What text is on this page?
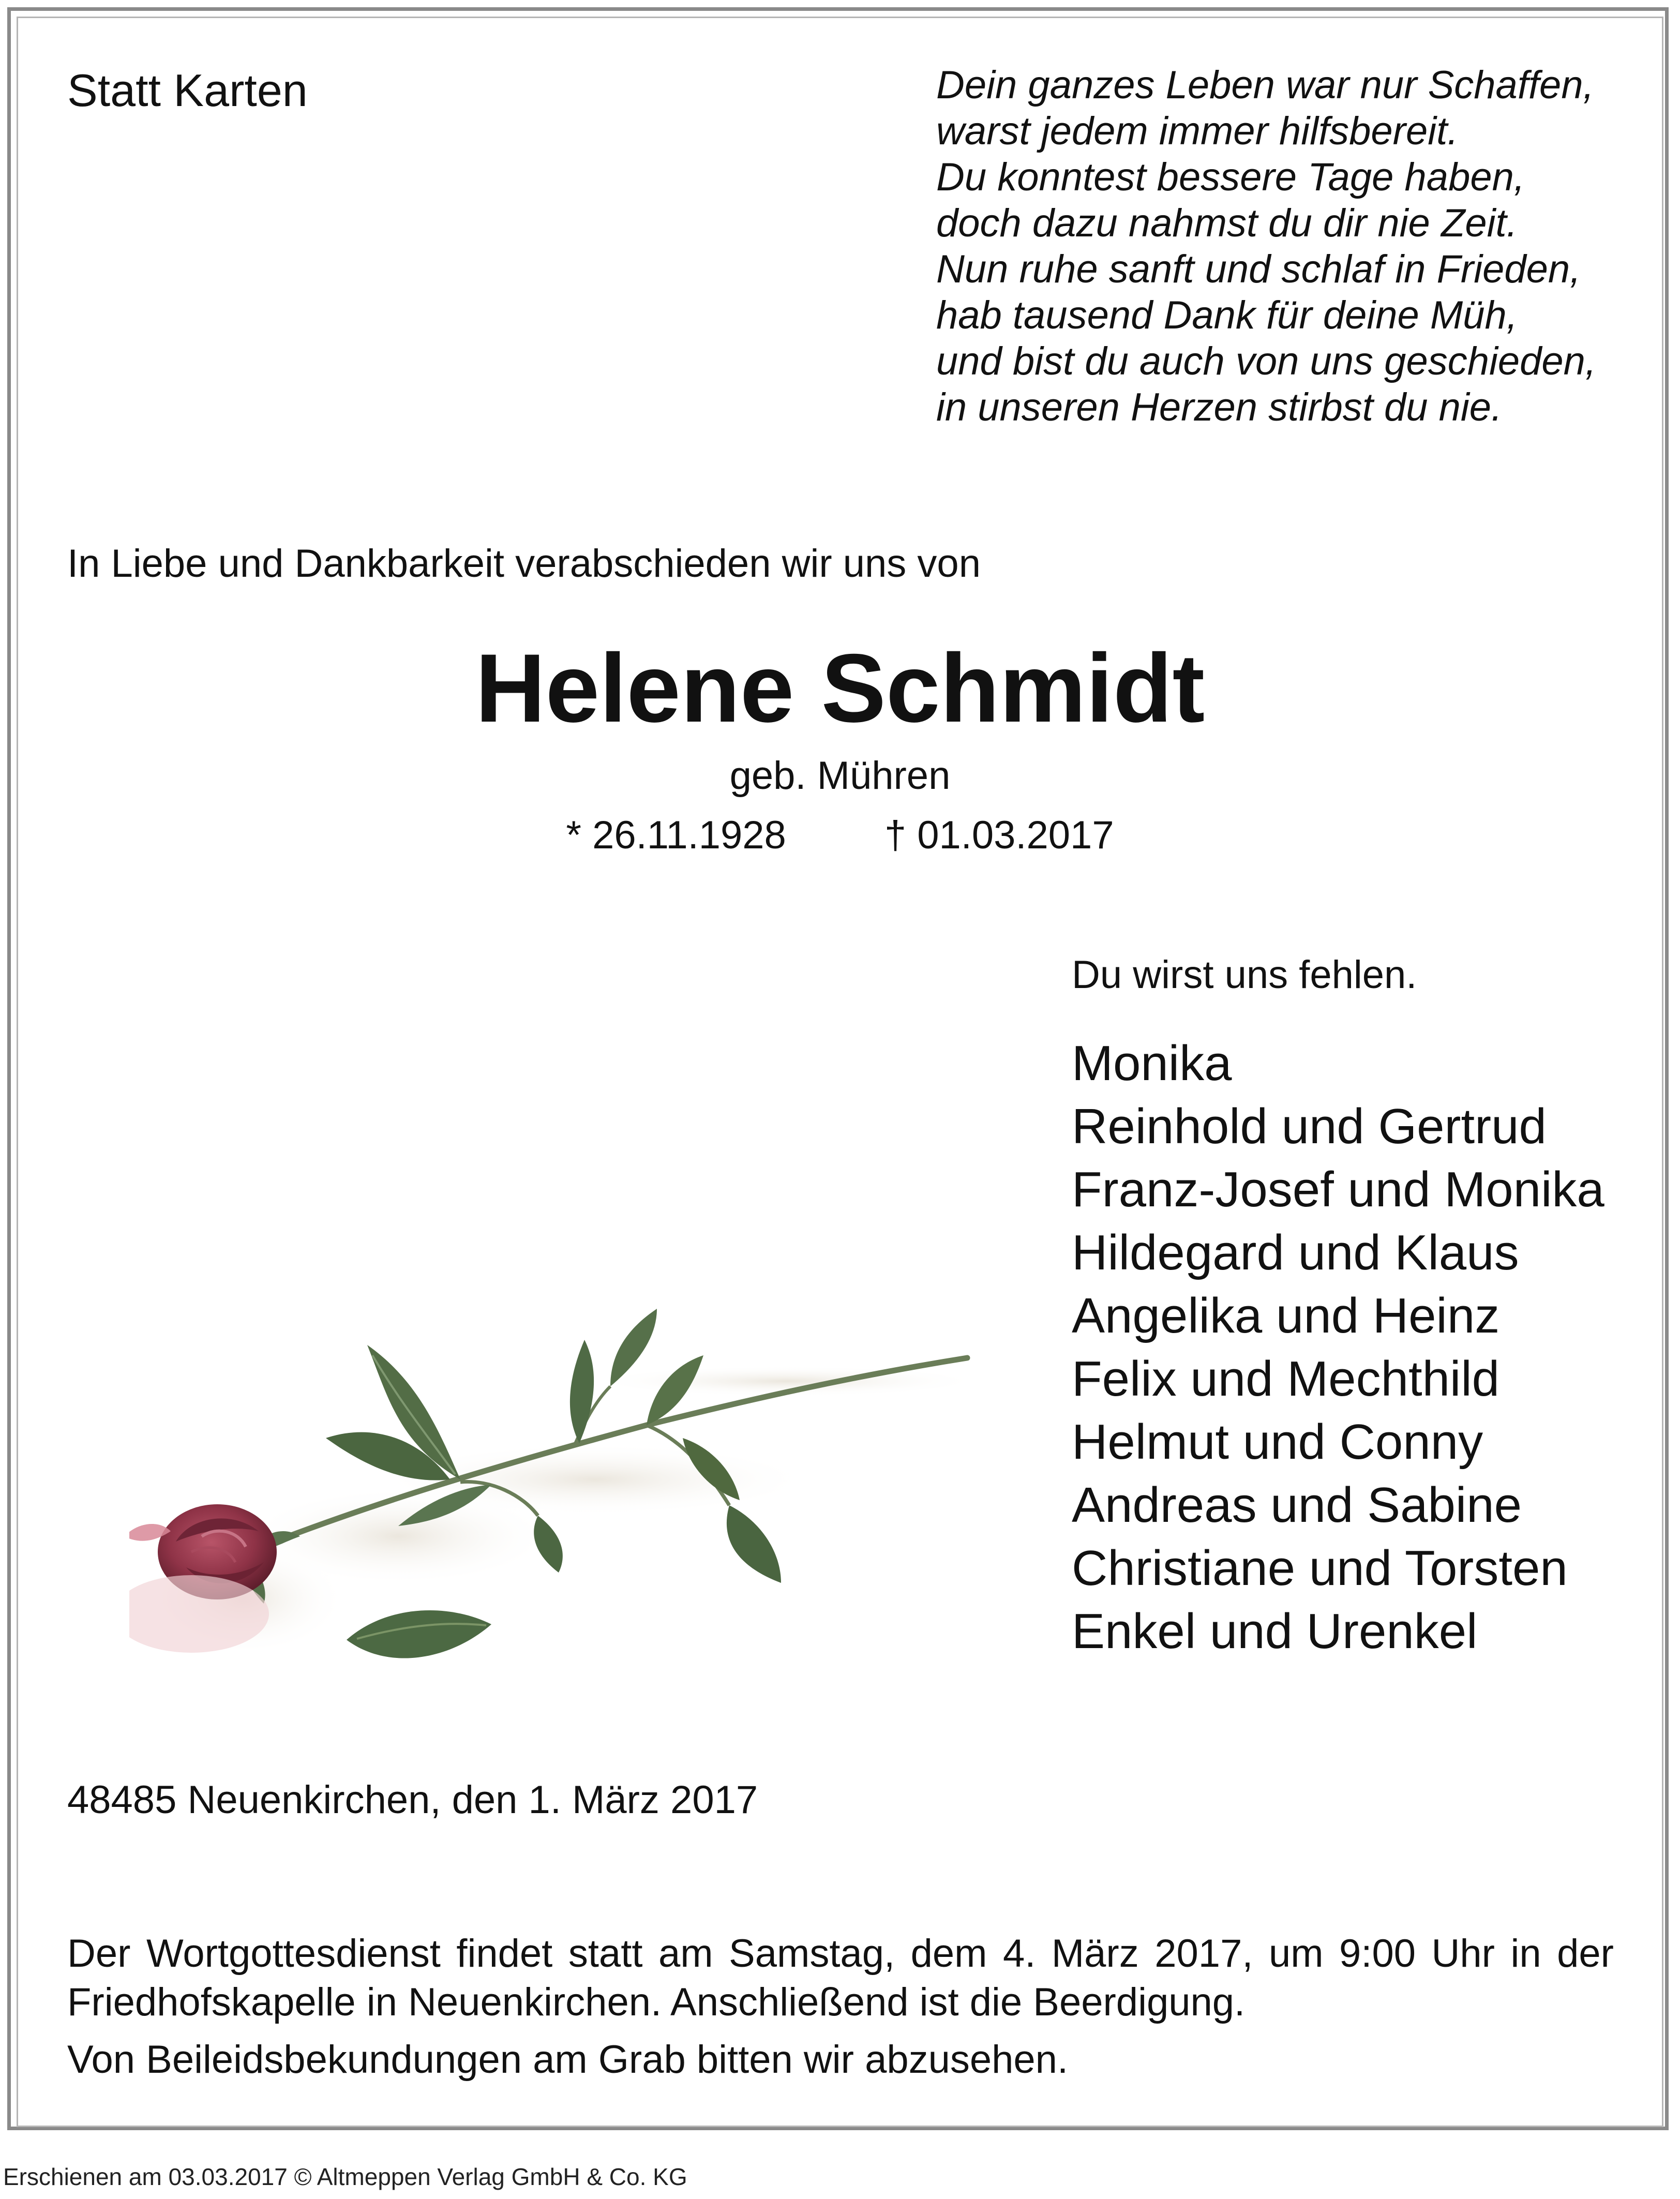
Statt Karten	Dein ganzes Leben war nur Schaffen,
warst jedem immer hilfsbereit.
Du konntest bessere Tage haben,
doch dazu nahmst du dir nie Zeit.
Nun ruhe sanft und schlaf in Frieden,
hab tausend Dank für deine Müh,
und bist du auch von uns geschieden,
in unseren Herzen stirbst du nie.
In Liebe und Dankbarkeit verabschieden wir uns von
Helene Schmidt
geb. Mühren
* 26.11.1928	† 01.03.2017
Du wirst uns fehlen.
Monika
Reinhold und Gertrud
Franz-Josef und Monika
Hildegard und Klaus
Angelika und Heinz
Felix und Mechthild
Helmut und Conny
Andreas und Sabine
Christiane und Torsten
Enkel und Urenkel
48485 Neuenkirchen, den 1. März 2017
Der Wortgottesdienst findet statt am Samstag, dem 4. März 2017, um 9:00 Uhr in der Friedhofskapelle in Neuenkirchen. Anschließend ist die Beerdigung.
Von Beileidsbekundungen am Grab bitten wir abzusehen.
Erschienen am 03.03.2017 © Altmeppen Verlag GmbH & Co. KG
